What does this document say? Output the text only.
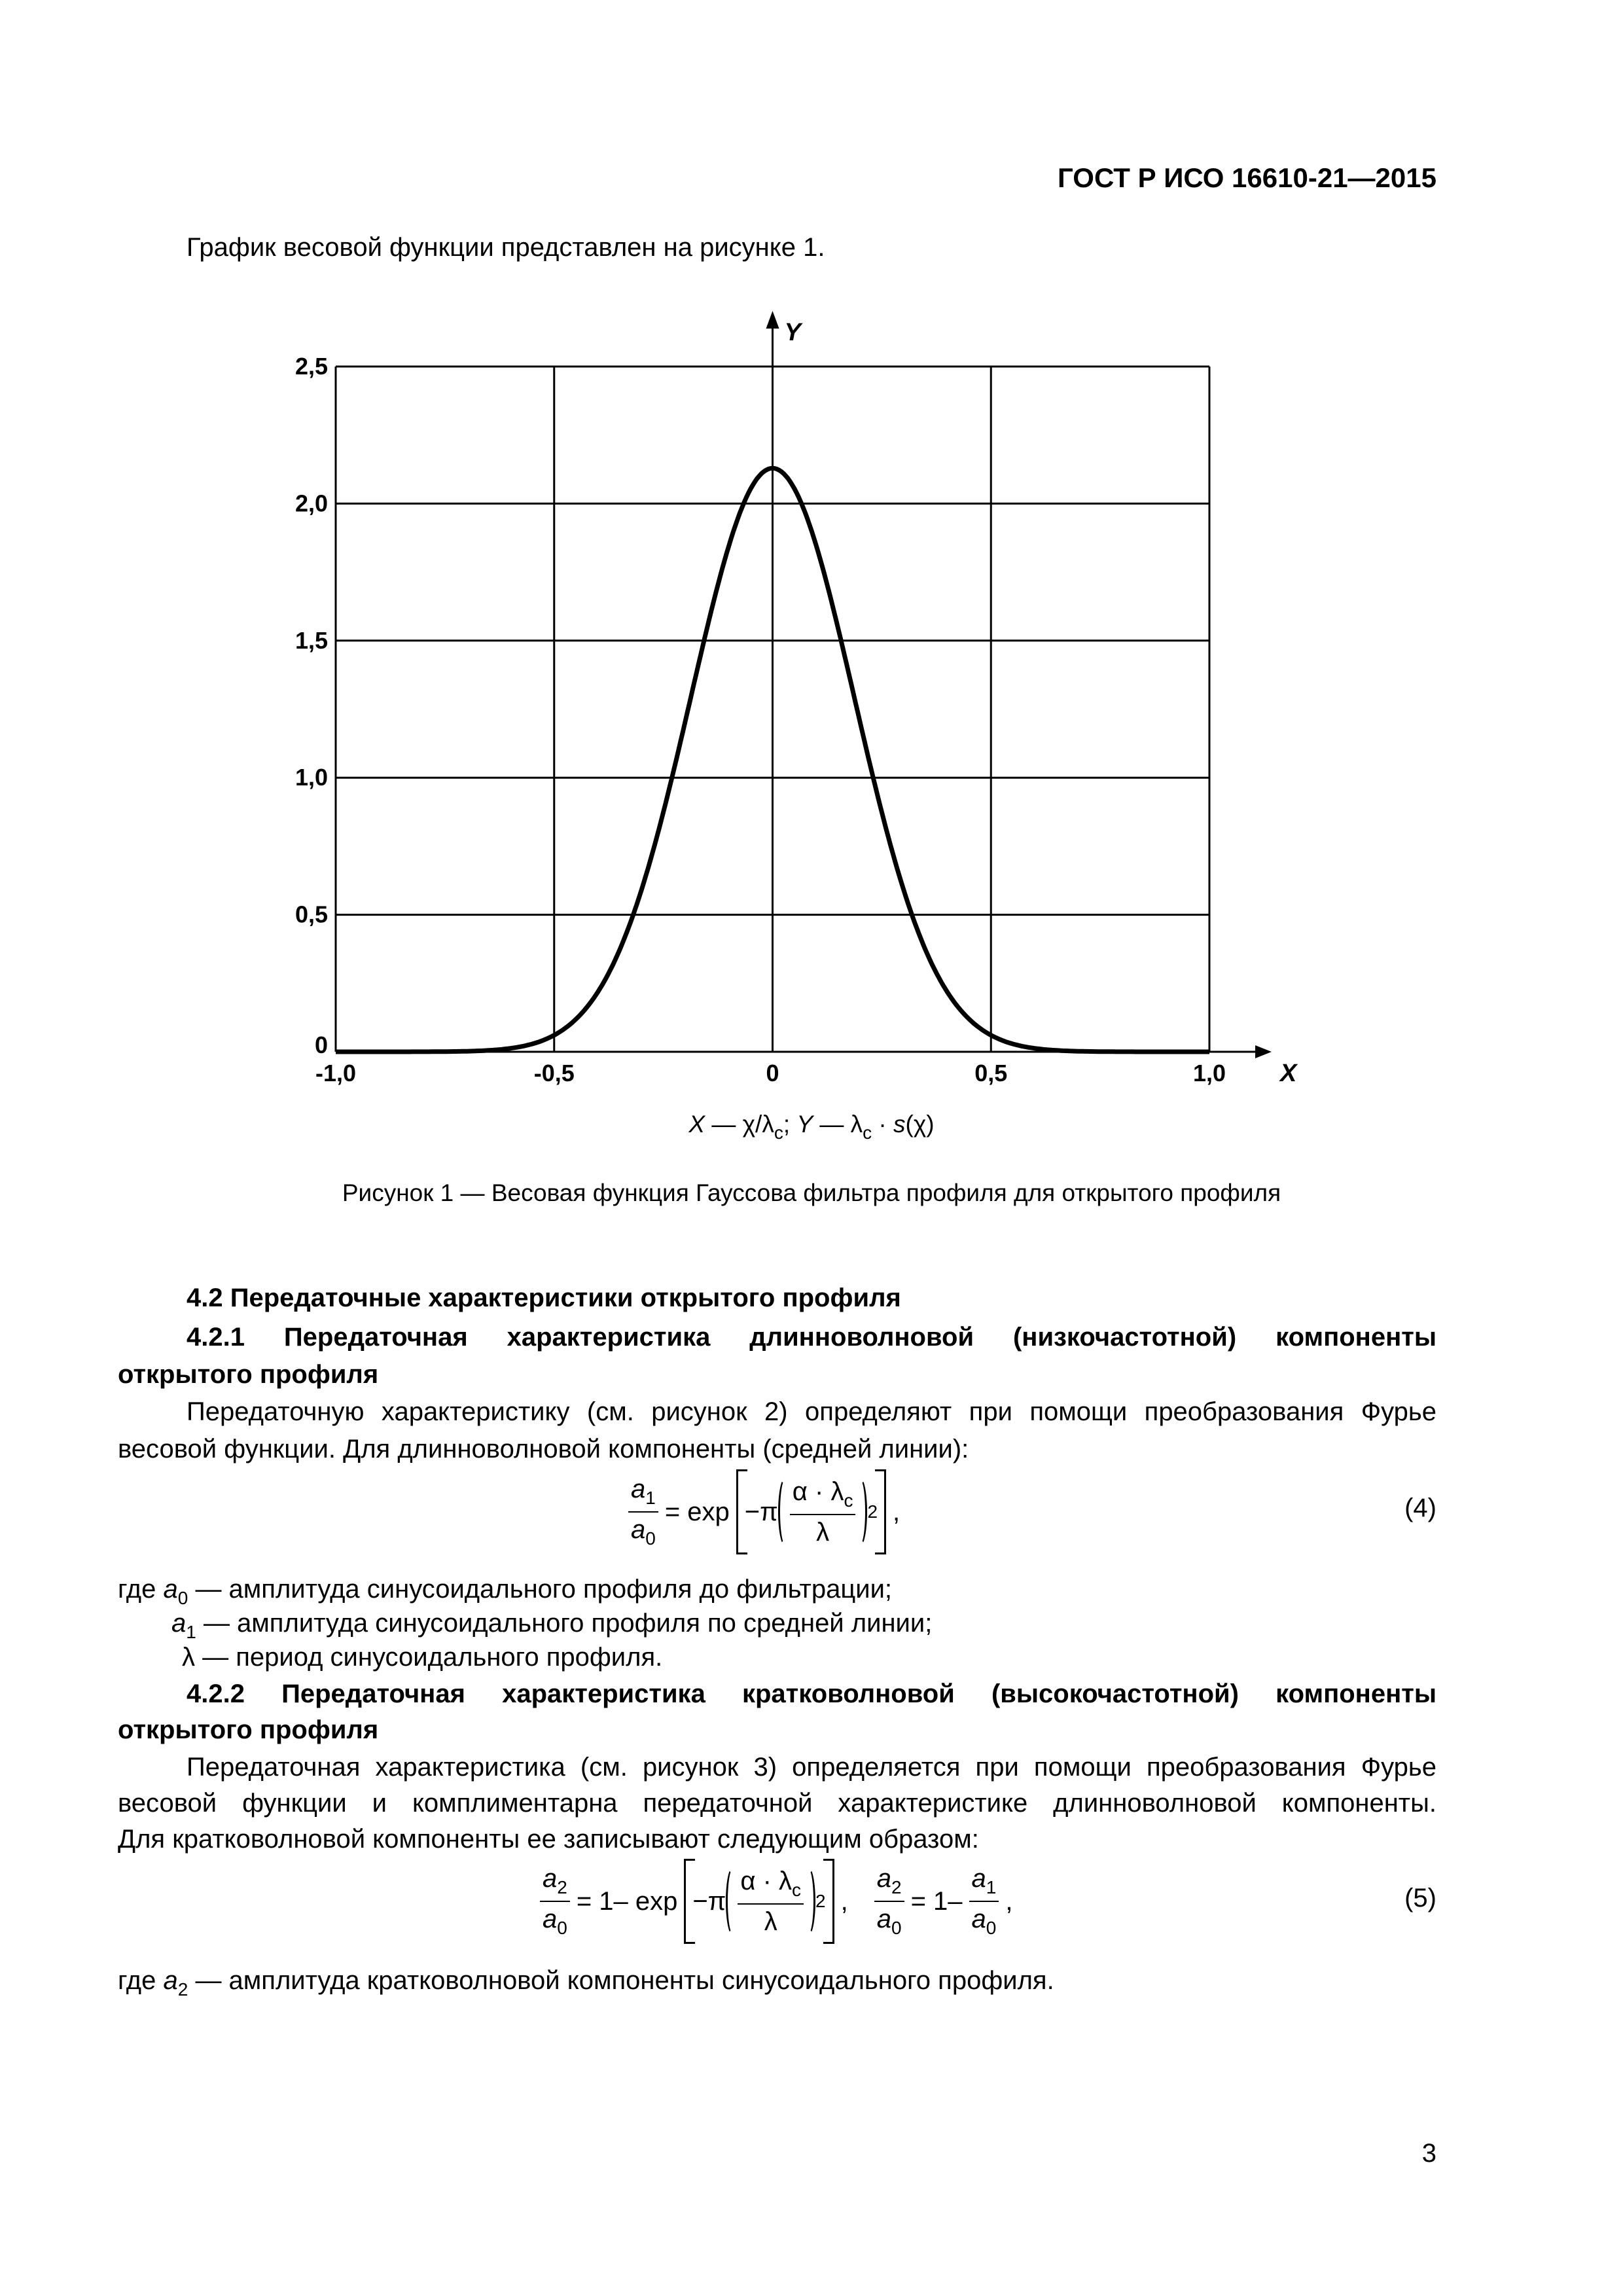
ГОСТ Р ИСО 16610-21—2015
График весовой функции представлен на рисунке 1.
X
Y
-1,0	-0,5	0	0,5	1,0
0
0,5
1,0
1,5
2,0
2,5
X — $\chi/\lambda_c$; Y — $\lambda_c \cdot s(\chi)$
Рисунок 1 — Весовая функция Гауссова фильтра профиля для открытого профиля
4.2 Передаточные характеристики открытого профиля
4.2.1 Передаточная характеристика длинноволновой (низкочастотной) компоненты
открытого профиля
Передаточную характеристику (см. рисунок 2) определяют при помощи преобразования Фурье
весовой функции. Для длинноволновой компоненты (средней линии):
$\frac{a_1}{a_0} = \exp -\pi \frac{\alpha \cdot \lambda_c}{\lambda} 2$ ,	(4)
где $a_0$ — амплитуда синусоидального профиля до фильтрации;
$a_1$ — амплитуда синусоидального профиля по средней линии;
λ — период синусоидального профиля.
4.2.2 Передаточная характеристика кратковолновой (высокочастотной) компоненты
открытого профиля
Передаточная характеристика (см. рисунок 3) определяется при помощи преобразования Фурье
весовой функции и комплиментарна передаточной характеристике длинноволновой компоненты.
Для кратковолновой компоненты ее записывают следующим образом:
$\frac{a_2}{a_0} = 1-$ $\exp -\pi \frac{\alpha \cdot \lambda_c}{\lambda} 2$ , $\frac{a_2}{a_0} = 1- \frac{a_1}{a_0}$ ,	(5)
где $a_2$ — амплитуда кратковолновой компоненты синусоидального профиля.
3
